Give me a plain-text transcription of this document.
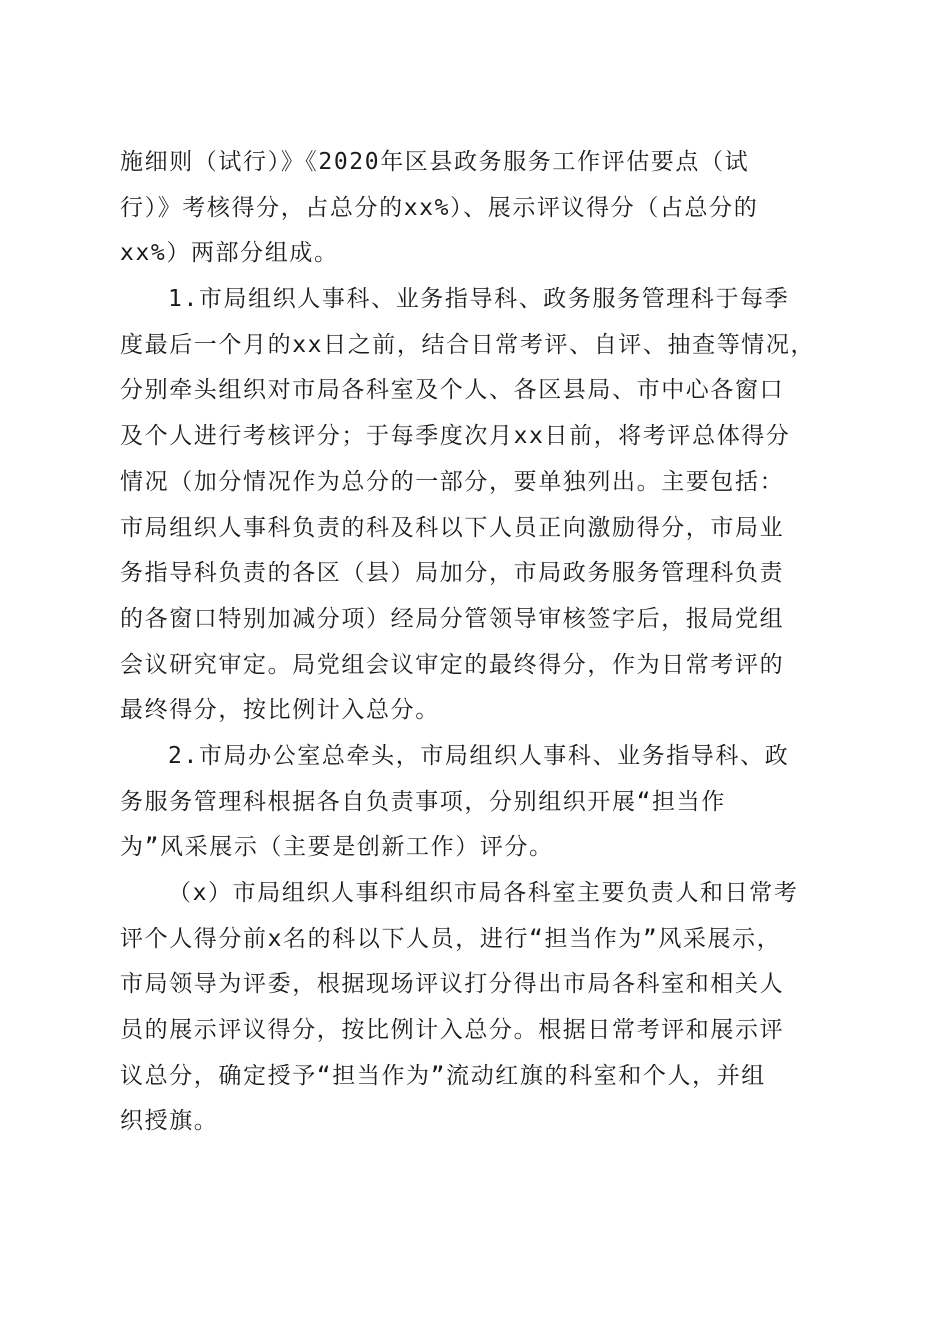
施细则（试行）》《2020年区县政务服务工作评估要点（试
行）》考核得分，占总分的xx%）、展示评议得分（占总分的
xx%）两部分组成。
1.市局组织人事科、业务指导科、政务服务管理科于每季
度最后一个月的xx日之前，结合日常考评、自评、抽查等情况，
分别牵头组织对市局各科室及个人、各区县局、市中心各窗口
及个人进行考核评分；于每季度次月xx日前，将考评总体得分
情况（加分情况作为总分的一部分，要单独列出。主要包括：
市局组织人事科负责的科及科以下人员正向激励得分，市局业
务指导科负责的各区（县）局加分，市局政务服务管理科负责
的各窗口特别加减分项）经局分管领导审核签字后，报局党组
会议研究审定。局党组会议审定的最终得分，作为日常考评的
最终得分，按比例计入总分。
2.市局办公室总牵头，市局组织人事科、业务指导科、政
务服务管理科根据各自负责事项，分别组织开展“担当作
为”风采展示（主要是创新工作）评分。
（x）市局组织人事科组织市局各科室主要负责人和日常考
评个人得分前x名的科以下人员，进行“担当作为”风采展示，
市局领导为评委，根据现场评议打分得出市局各科室和相关人
员的展示评议得分，按比例计入总分。根据日常考评和展示评
议总分，确定授予“担当作为”流动红旗的科室和个人，并组
织授旗。
